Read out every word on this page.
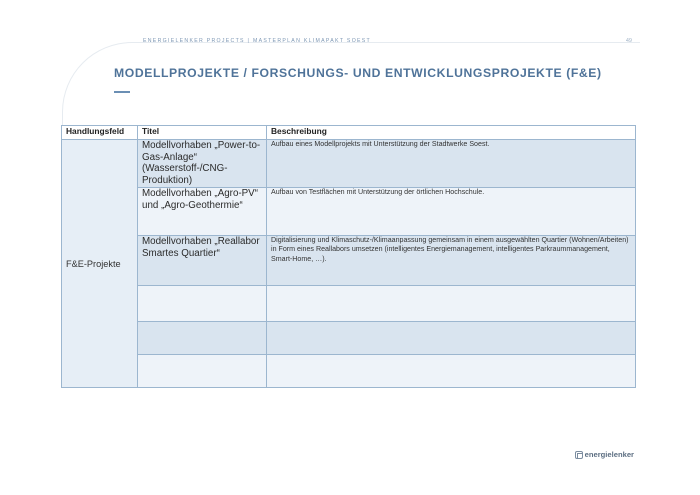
ENERGIELENKER PROJECTS | MASTERPLAN KLIMAPAKT SOEST	49
MODELLPROJEKTE / FORSCHUNGS- UND ENTWICKLUNGSPROJEKTE (F&E)
Handlungsfeld	Titel	Beschreibung
F&E-Projekte	Modellvorhaben „Power-to-Gas-Anlage“ (Wasserstoff-/CNG-Produktion)	Aufbau eines Modellprojekts mit Unterstützung der Stadtwerke Soest.
	Modellvorhaben „Agro-PV“ und „Agro-Geothermie“	Aufbau von Testflächen mit Unterstützung der örtlichen Hochschule.
	Modellvorhaben „Reallabor Smartes Quartier“	Digitalisierung und Klimaschutz-/Klimaanpassung gemeinsam in einem ausgewählten Quartier (Wohnen/Arbeiten) in Form eines Reallabors umsetzen (intelligentes Energiemanagement, intelligentes Parkraummanagement, Smart-Home, …).

energielenker
